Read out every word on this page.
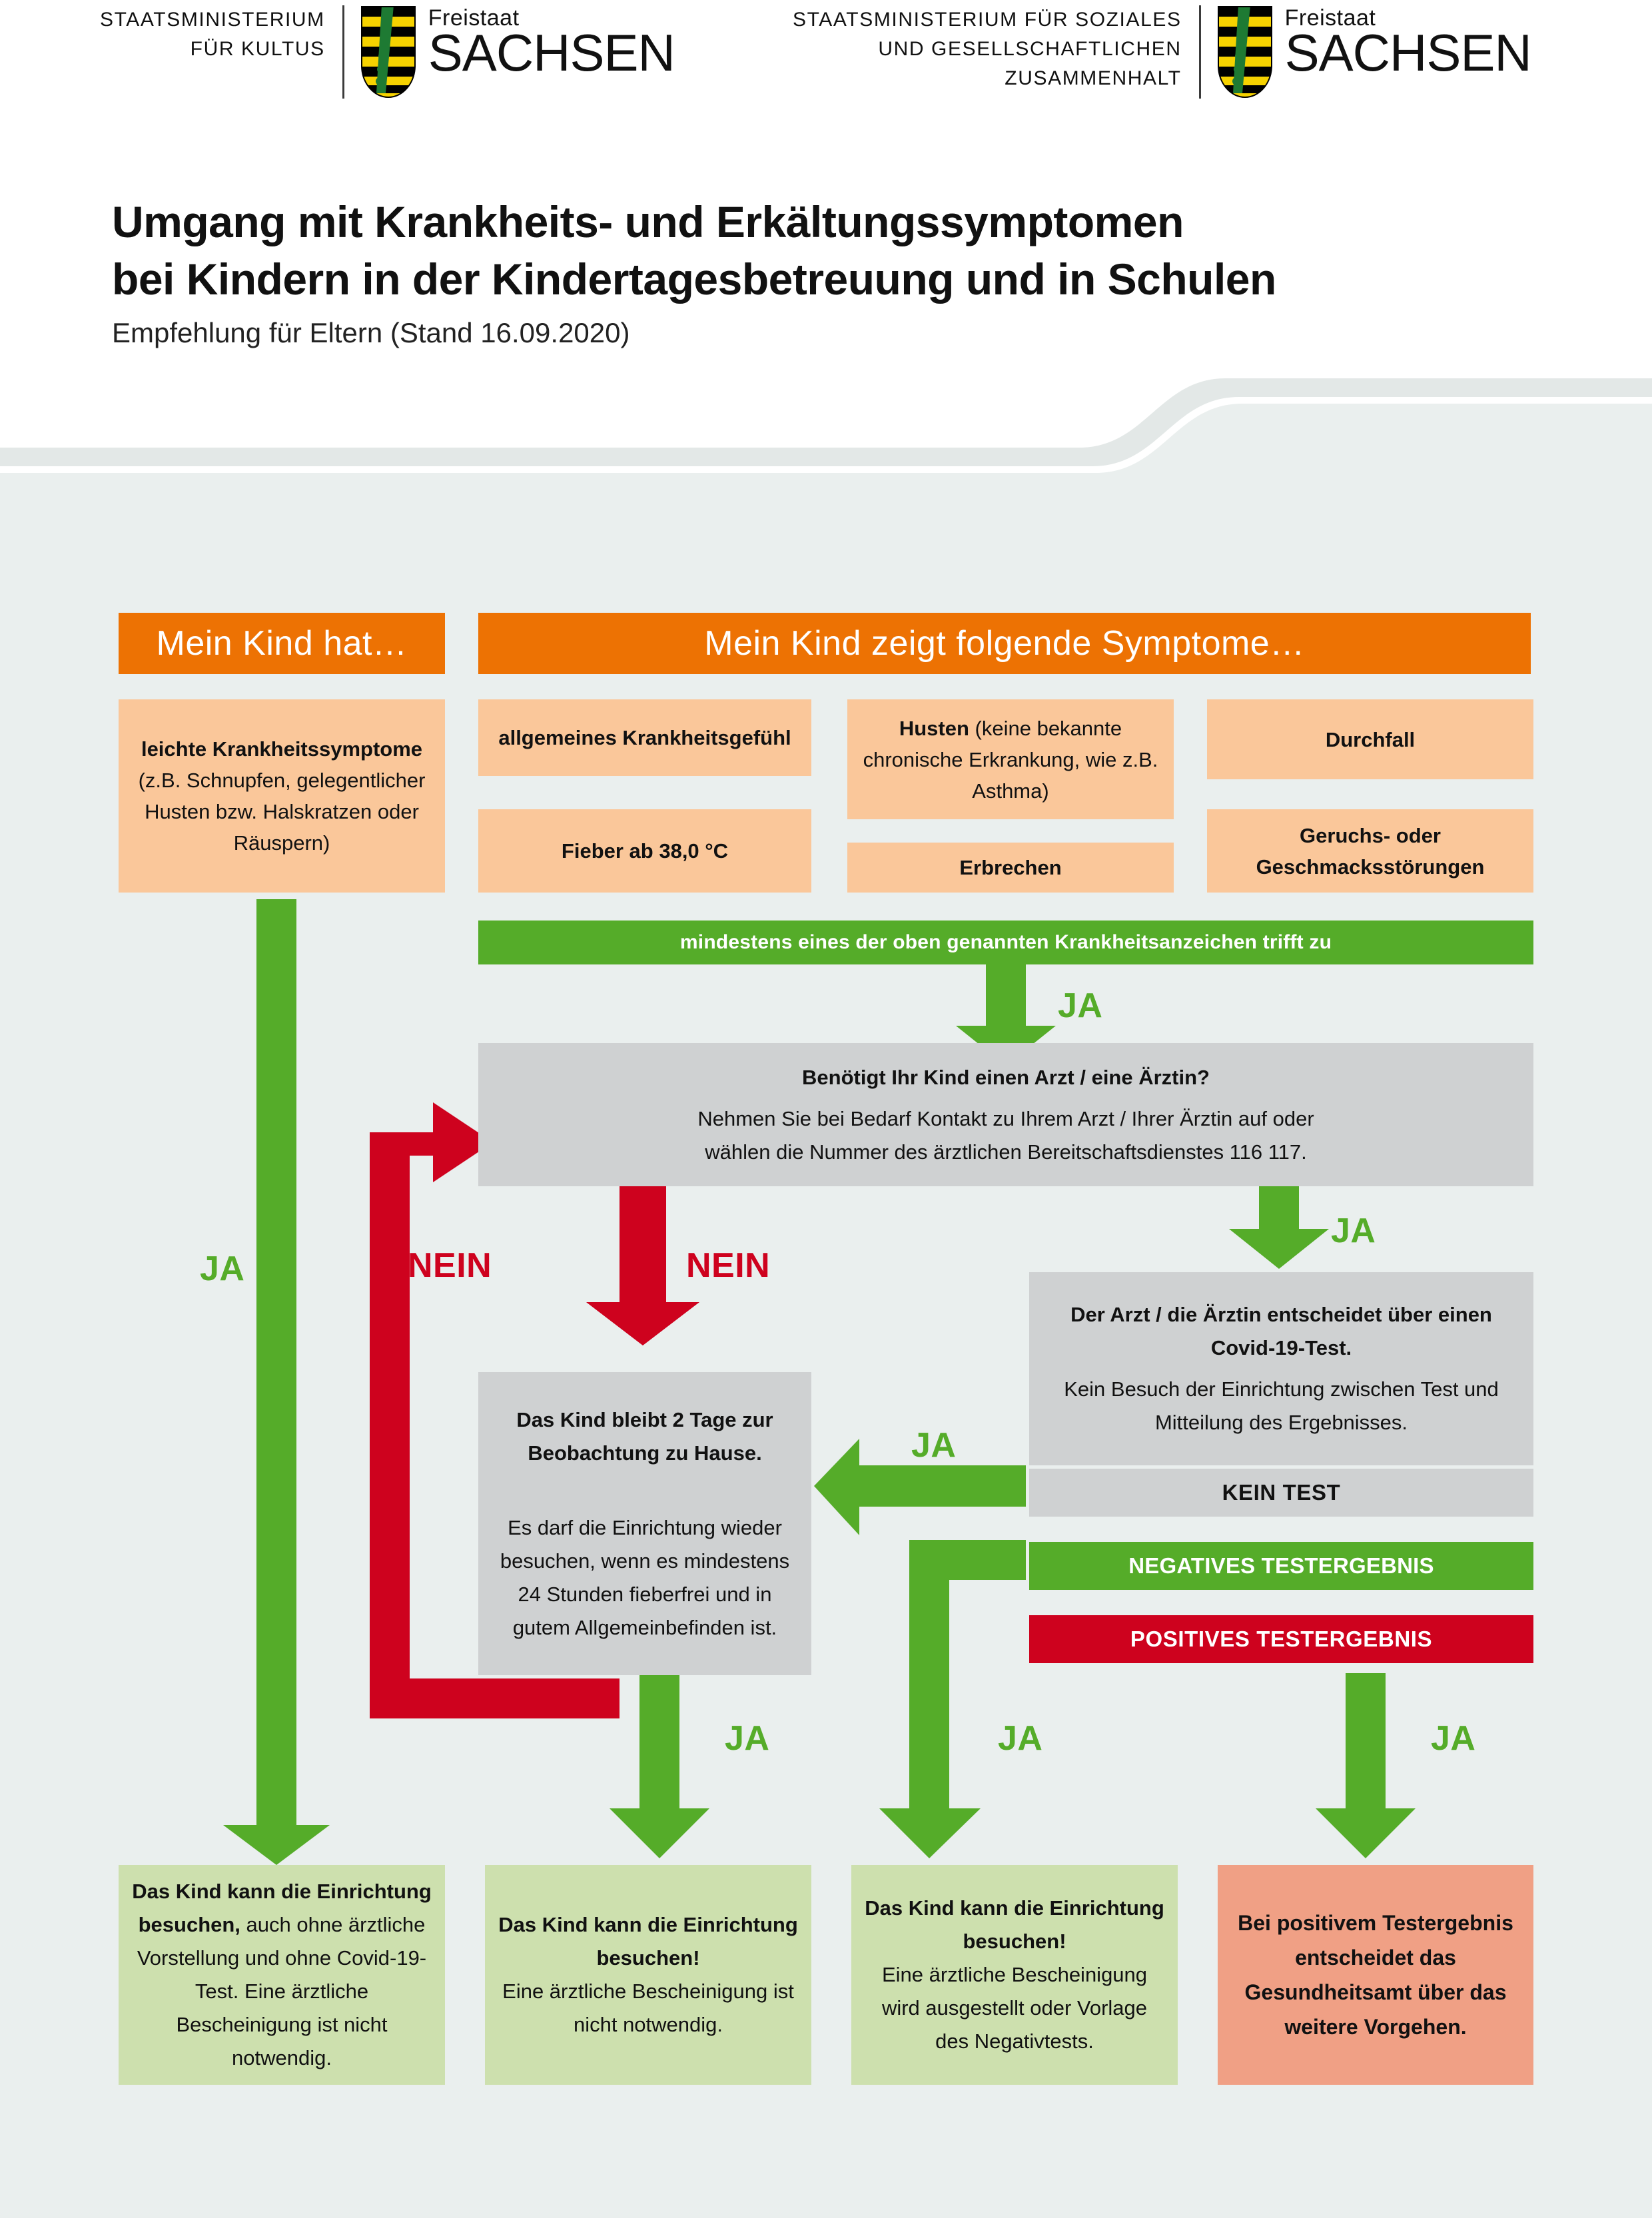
STAATSMINISTERIUM
FÜR KULTUS
Freistaat
SACHSEN
STAATSMINISTERIUM FÜR SOZIALES
UND GESELLSCHAFTLICHEN
ZUSAMMENHALT
Freistaat
SACHSEN
Umgang mit Krankheits- und Erkältungssymptomen
bei Kindern in der Kindertagesbetreuung und in Schulen
Empfehlung für Eltern (Stand 16.09.2020)
Mein Kind hat…	Mein Kind zeigt folgende Symptome…
leichte Krankheitssymptome
(z.B. Schnupfen, gelegentlicher Husten bzw. Halskratzen oder Räuspern)
allgemeines Krankheitsgefühl
Fieber ab 38,0 °C
Husten (keine bekannte chronische Erkrankung, wie z.B. Asthma)
Erbrechen
Durchfall
Geruchs- oder Geschmacksstörungen
mindestens eines der oben genannten Krankheitsanzeichen trifft zu
Benötigt Ihr Kind einen Arzt / eine Ärztin?
Nehmen Sie bei Bedarf Kontakt zu Ihrem Arzt / Ihrer Ärztin auf oder
wählen die Nummer des ärztlichen Bereitschaftsdienstes 116 117.
Das Kind bleibt 2 Tage zur Beobachtung zu Hause.

Es darf die Einrichtung wieder besuchen, wenn es mindestens 24 Stunden fieberfrei und in gutem Allgemeinbefinden ist.
Der Arzt / die Ärztin entscheidet über einen Covid-19-Test.
Kein Besuch der Einrichtung zwischen Test und Mitteilung des Ergebnisses.
KEIN TEST
NEGATIVES TESTERGEBNIS
POSITIVES TESTERGEBNIS
Das Kind kann die Einrichtung besuchen, auch ohne ärztliche Vorstellung und ohne Covid-19-Test. Eine ärztliche Bescheinigung ist nicht notwendig.
Das Kind kann die Einrichtung besuchen!
Eine ärztliche Bescheinigung ist nicht notwendig.
Das Kind kann die Einrichtung besuchen!
Eine ärztliche Bescheinigung wird ausgestellt oder Vorlage des Negativtests.
Bei positivem Testergebnis entscheidet das Gesundheitsamt über das weitere Vorgehen.
JA	NEIN	NEIN
JA
JA
JA
JA	JA	JA
